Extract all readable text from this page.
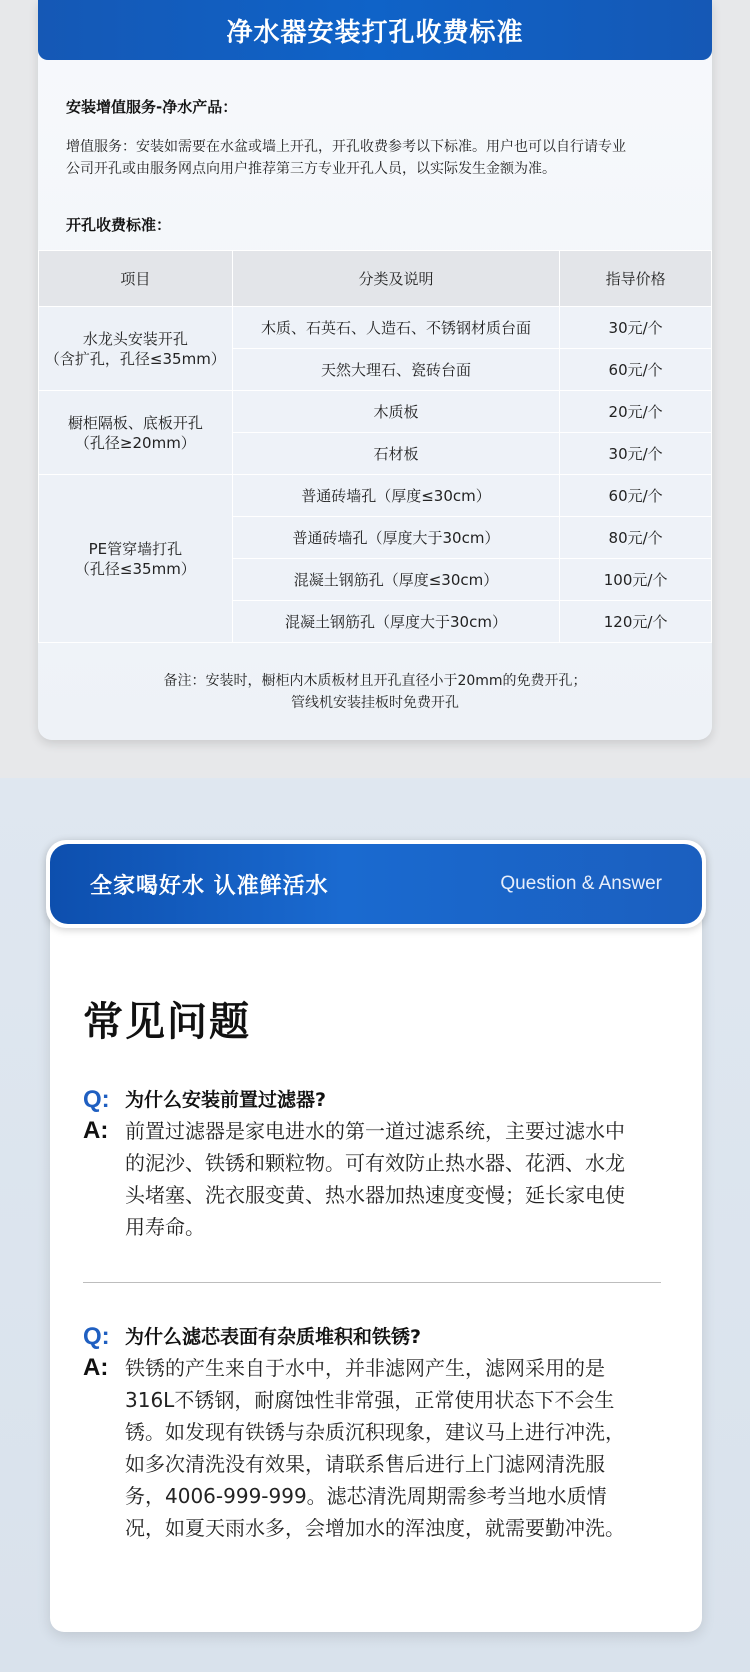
净水器安装打孔收费标准
安装增值服务-净水产品：
增值服务：安装如需要在水盆或墙上开孔，开孔收费参考以下标准。用户也可以自行请专业
公司开孔或由服务网点向用户推荐第三方专业开孔人员，以实际发生金额为准。
开孔收费标准：
项目	分类及说明	指导价格

水龙头安装开孔
（含扩孔，孔径≤35mm）	木质、石英石、人造石、不锈钢材质台面	30元/个
	天然大理石、瓷砖台面	60元/个

橱柜隔板、底板开孔
（孔径≥20mm）	木质板	20元/个
	石材板	30元/个

PE管穿墙打孔
（孔径≤35mm）	普通砖墙孔（厚度≤30cm）	60元/个
	普通砖墙孔（厚度大于30cm）	80元/个
	混凝土钢筋孔（厚度≤30cm）	100元/个
	混凝土钢筋孔（厚度大于30cm）	120元/个
备注：安装时，橱柜内木质板材且开孔直径小于20mm的免费开孔；
管线机安装挂板时免费开孔
全家喝好水 认准鲜活水	Question & Answer
常见问题
Q: 为什么安装前置过滤器?
A: 前置过滤器是家电进水的第一道过滤系统，主要过滤水中
的泥沙、铁锈和颗粒物。可有效防止热水器、花洒、水龙
头堵塞、洗衣服变黄、热水器加热速度变慢；延长家电使
用寿命。
Q: 为什么滤芯表面有杂质堆积和铁锈?
A: 铁锈的产生来自于水中，并非滤网产生，滤网采用的是
316L不锈钢，耐腐蚀性非常强，正常使用状态下不会生
锈。如发现有铁锈与杂质沉积现象，建议马上进行冲洗，
如多次清洗没有效果，请联系售后进行上门滤网清洗服
务，4006-999-999。滤芯清洗周期需参考当地水质情
况，如夏天雨水多，会增加水的浑浊度，就需要勤冲洗。
